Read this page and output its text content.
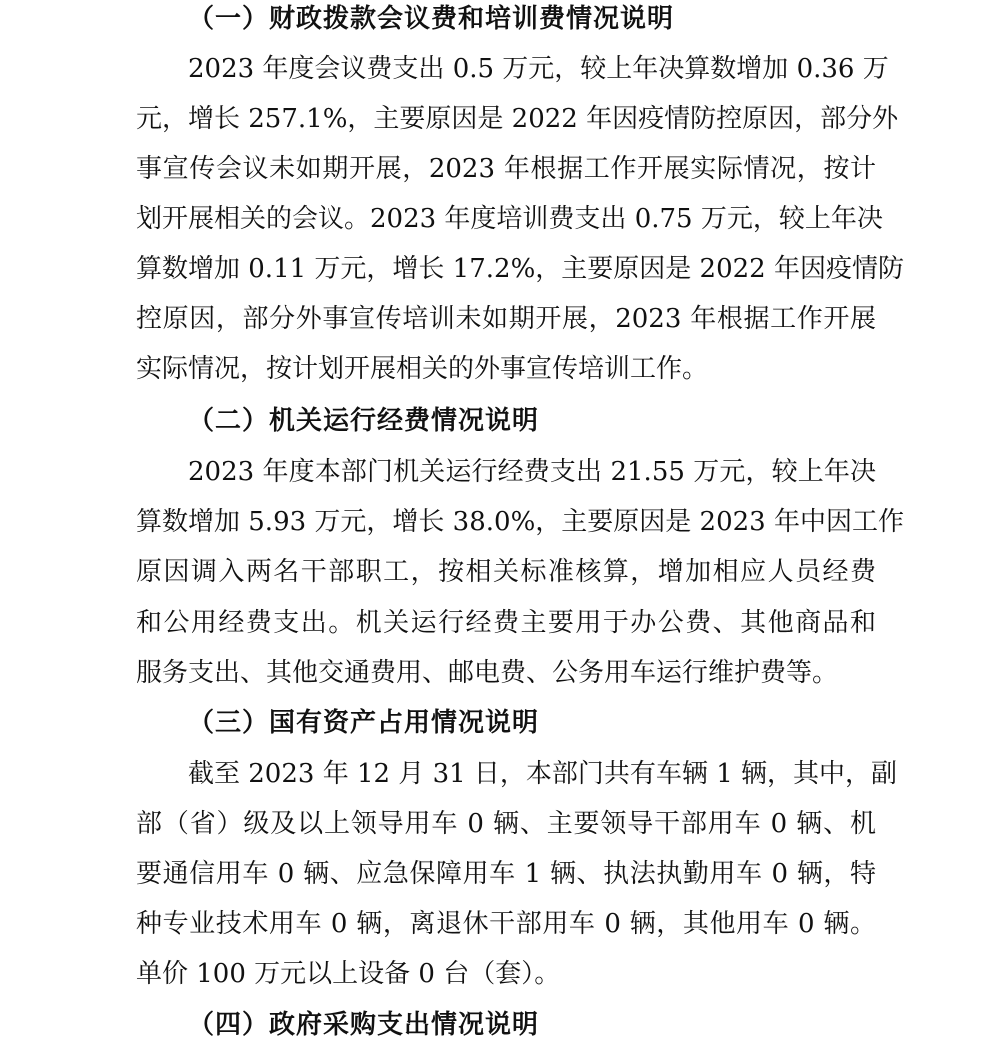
（一）财政拨款会议费和培训费情况说明
2023 年度会议费支出 0.5 万元，较上年决算数增加 0.36 万
元，增长 257.1%，主要原因是 2022 年因疫情防控原因，部分外
事宣传会议未如期开展，2023 年根据工作开展实际情况，按计
划开展相关的会议。2023 年度培训费支出 0.75 万元，较上年决
算数增加 0.11 万元，增长 17.2%，主要原因是 2022 年因疫情防
控原因，部分外事宣传培训未如期开展，2023 年根据工作开展
实际情况，按计划开展相关的外事宣传培训工作。
（二）机关运行经费情况说明
2023 年度本部门机关运行经费支出 21.55 万元，较上年决
算数增加 5.93 万元，增长 38.0%，主要原因是 2023 年中因工作
原因调入两名干部职工，按相关标准核算，增加相应人员经费
和公用经费支出。机关运行经费主要用于办公费、其他商品和
服务支出、其他交通费用、邮电费、公务用车运行维护费等。
（三）国有资产占用情况说明
截至 2023 年 12 月 31 日，本部门共有车辆 1 辆，其中，副
部（省）级及以上领导用车 0 辆、主要领导干部用车 0 辆、机
要通信用车 0 辆、应急保障用车 1 辆、执法执勤用车 0 辆，特
种专业技术用车 0 辆，离退休干部用车 0 辆，其他用车 0 辆。
单价 100 万元以上设备 0 台（套）。
（四）政府采购支出情况说明
